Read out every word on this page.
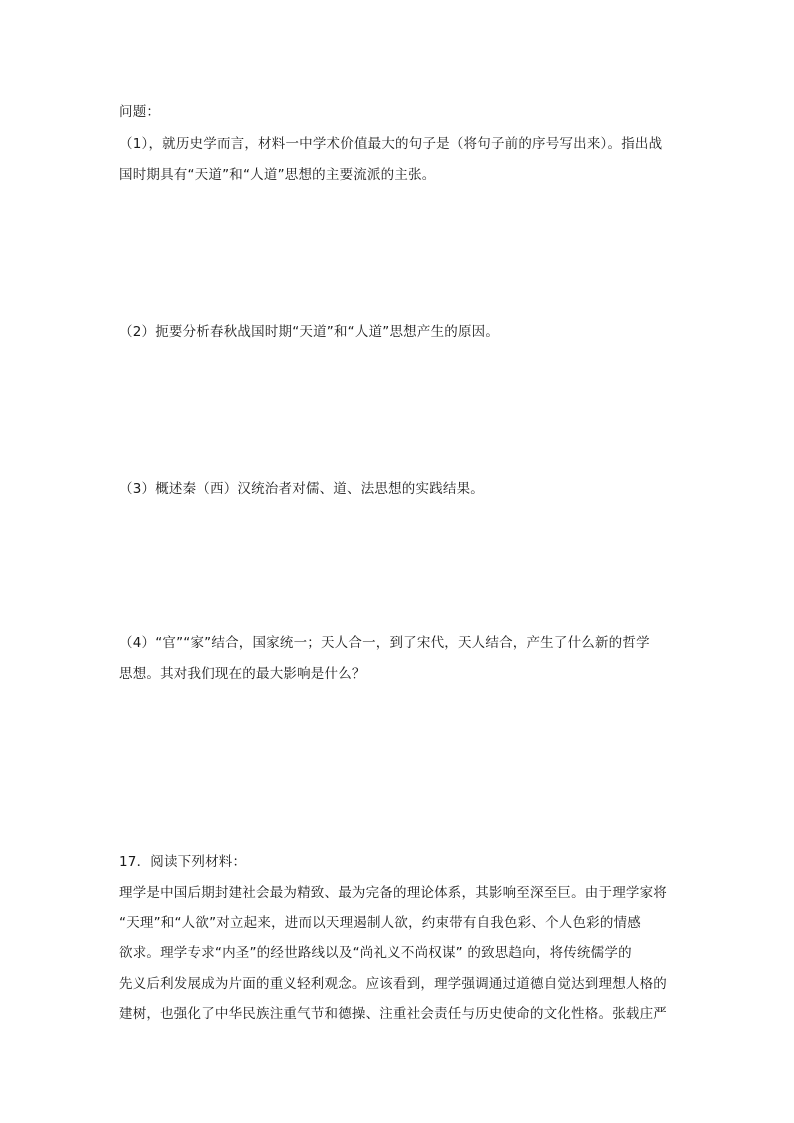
问题：
（1），就历史学而言，材料一中学术价值最大的句子是（将句子前的序号写出来）。指出战
国时期具有“天道”和“人道”思想的主要流派的主张。
（2）扼要分析春秋战国时期“天道”和“人道”思想产生的原因。
（3）概述秦（西）汉统治者对儒、道、法思想的实践结果。
（4）“官”“家”结合，国家统一；天人合一，到了宋代，天人结合，产生了什么新的哲学
思想。其对我们现在的最大影响是什么？
17．阅读下列材料：
理学是中国后期封建社会最为精致、最为完备的理论体系，其影响至深至巨。由于理学家将
“天理”和“人欲”对立起来，进而以天理遏制人欲，约束带有自我色彩、个人色彩的情感
欲求。理学专求“内圣”的经世路线以及“尚礼义不尚权谋” 的致思趋向，将传统儒学的
先义后利发展成为片面的重义轻利观念。应该看到，理学强调通过道德自觉达到理想人格的
建树，也强化了中华民族注重气节和德操、注重社会责任与历史使命的文化性格。张载庄严
